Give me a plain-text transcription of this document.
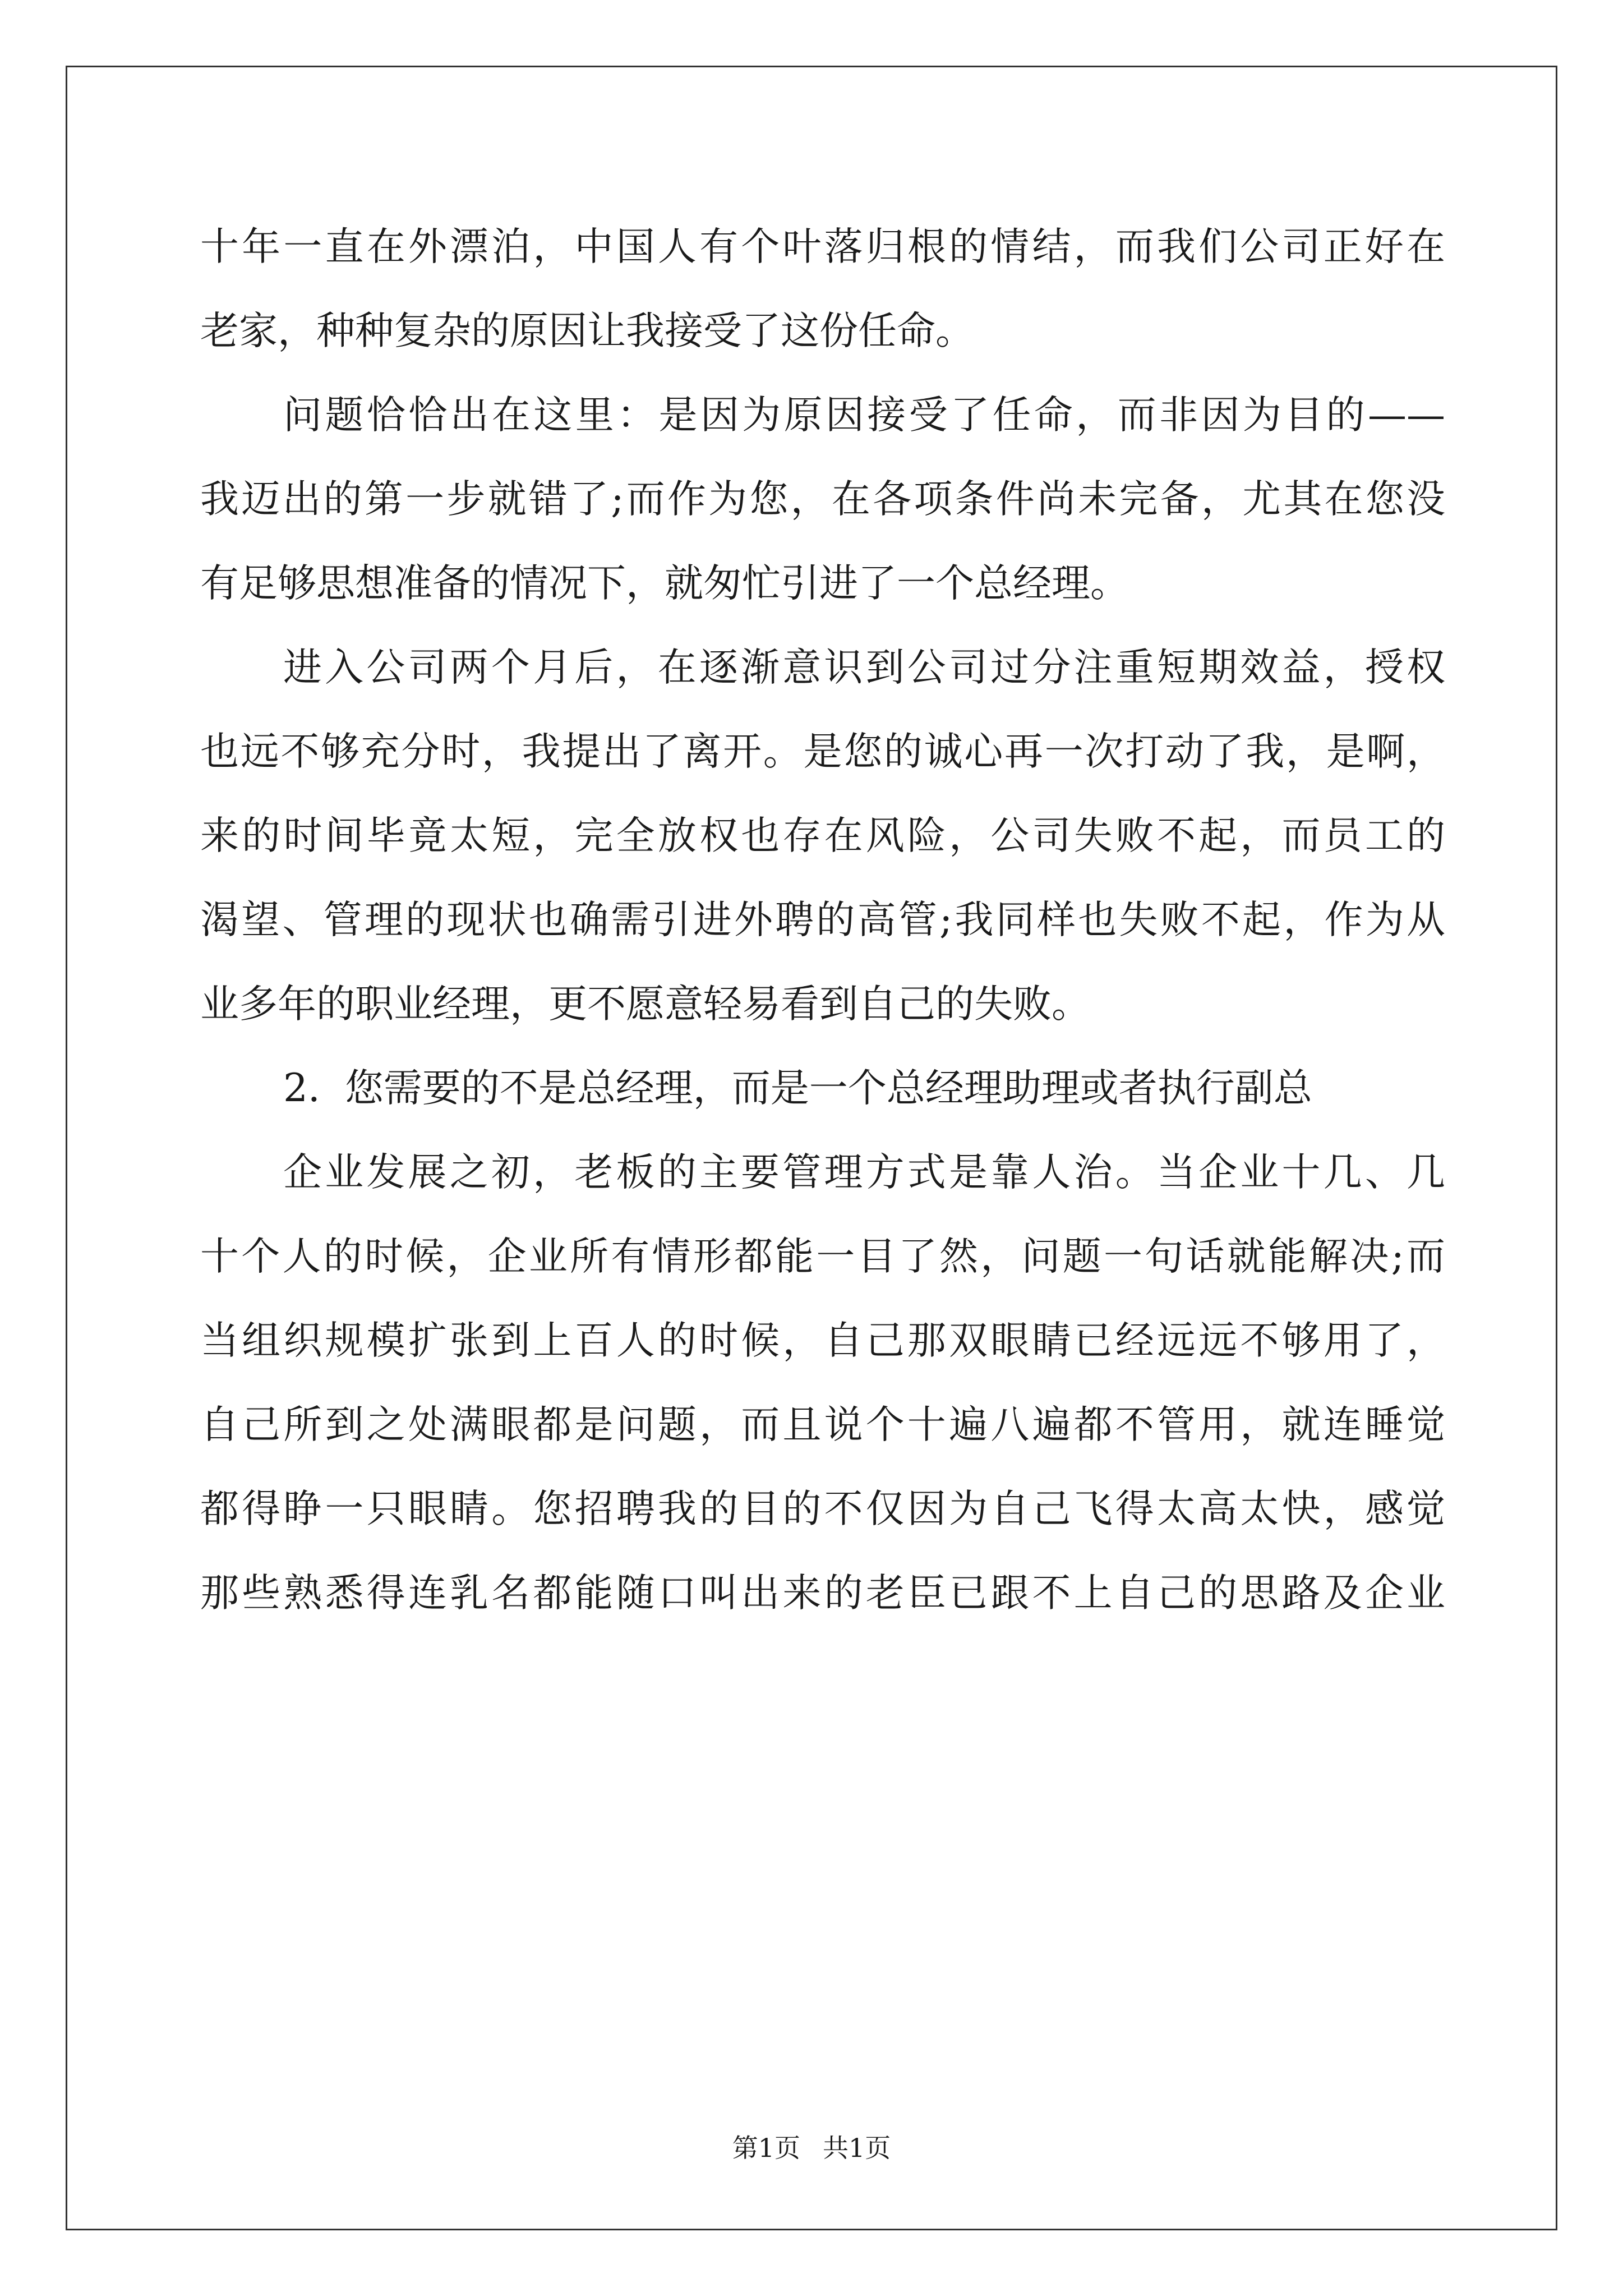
十年一直在外漂泊，中国人有个叶落归根的情结，而我们公司正好在
老家，种种复杂的原因让我接受了这份任命。
问题恰恰出在这里：是因为原因接受了任命，而非因为目的——
我迈出的第一步就错了;而作为您，在各项条件尚未完备，尤其在您没
有足够思想准备的情况下，就匆忙引进了一个总经理。
进入公司两个月后，在逐渐意识到公司过分注重短期效益，授权
也远不够充分时，我提出了离开。是您的诚心再一次打动了我，是啊，
来的时间毕竟太短，完全放权也存在风险，公司失败不起，而员工的
渴望、管理的现状也确需引进外聘的高管;我同样也失败不起，作为从
业多年的职业经理，更不愿意轻易看到自己的失败。
2.  您需要的不是总经理，而是一个总经理助理或者执行副总
企业发展之初，老板的主要管理方式是靠人治。当企业十几、几
十个人的时候，企业所有情形都能一目了然，问题一句话就能解决;而
当组织规模扩张到上百人的时候，自己那双眼睛已经远远不够用了，
自己所到之处满眼都是问题，而且说个十遍八遍都不管用，就连睡觉
都得睁一只眼睛。您招聘我的目的不仅因为自己飞得太高太快，感觉
那些熟悉得连乳名都能随口叫出来的老臣已跟不上自己的思路及企业
第1页 共1页
